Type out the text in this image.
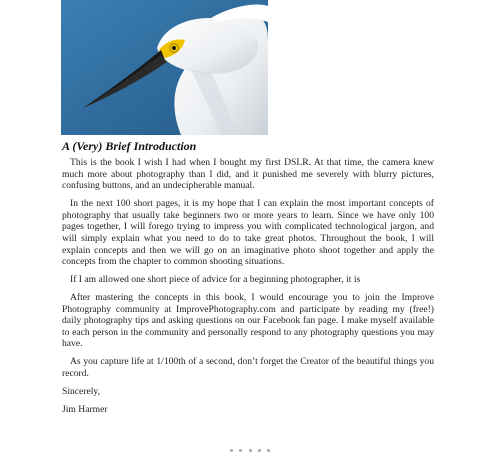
A (Very) Brief Introduction

This is the book I wish I had when I bought my first DSLR. At that time, the camera knew much more about photography than I did, and it punished me severely with blurry pictures, confusing buttons, and an undecipherable manual.

In the next 100 short pages, it is my hope that I can explain the most important concepts of photography that usually take beginners two or more years to learn. Since we have only 100 pages together, I will forego trying to impress you with complicated technological jargon, and will simply explain what you need to do to take great photos. Throughout the book, I will explain concepts and then we will go on an imaginative photo shoot together and apply the concepts from the chapter to common shooting situations.

If I am allowed one short piece of advice for a beginning photographer, it is

After mastering the concepts in this book, I would encourage you to join the Improve Photography community at ImprovePhotography.com and participate by reading my (free!) daily photography tips and asking questions on our Facebook fan page. I make myself available to each person in the community and personally respond to any photography questions you may have.

As you capture life at 1/100th of a second, don’t forget the Creator of the beautiful things you record.

Sincerely,

Jim Harmer
